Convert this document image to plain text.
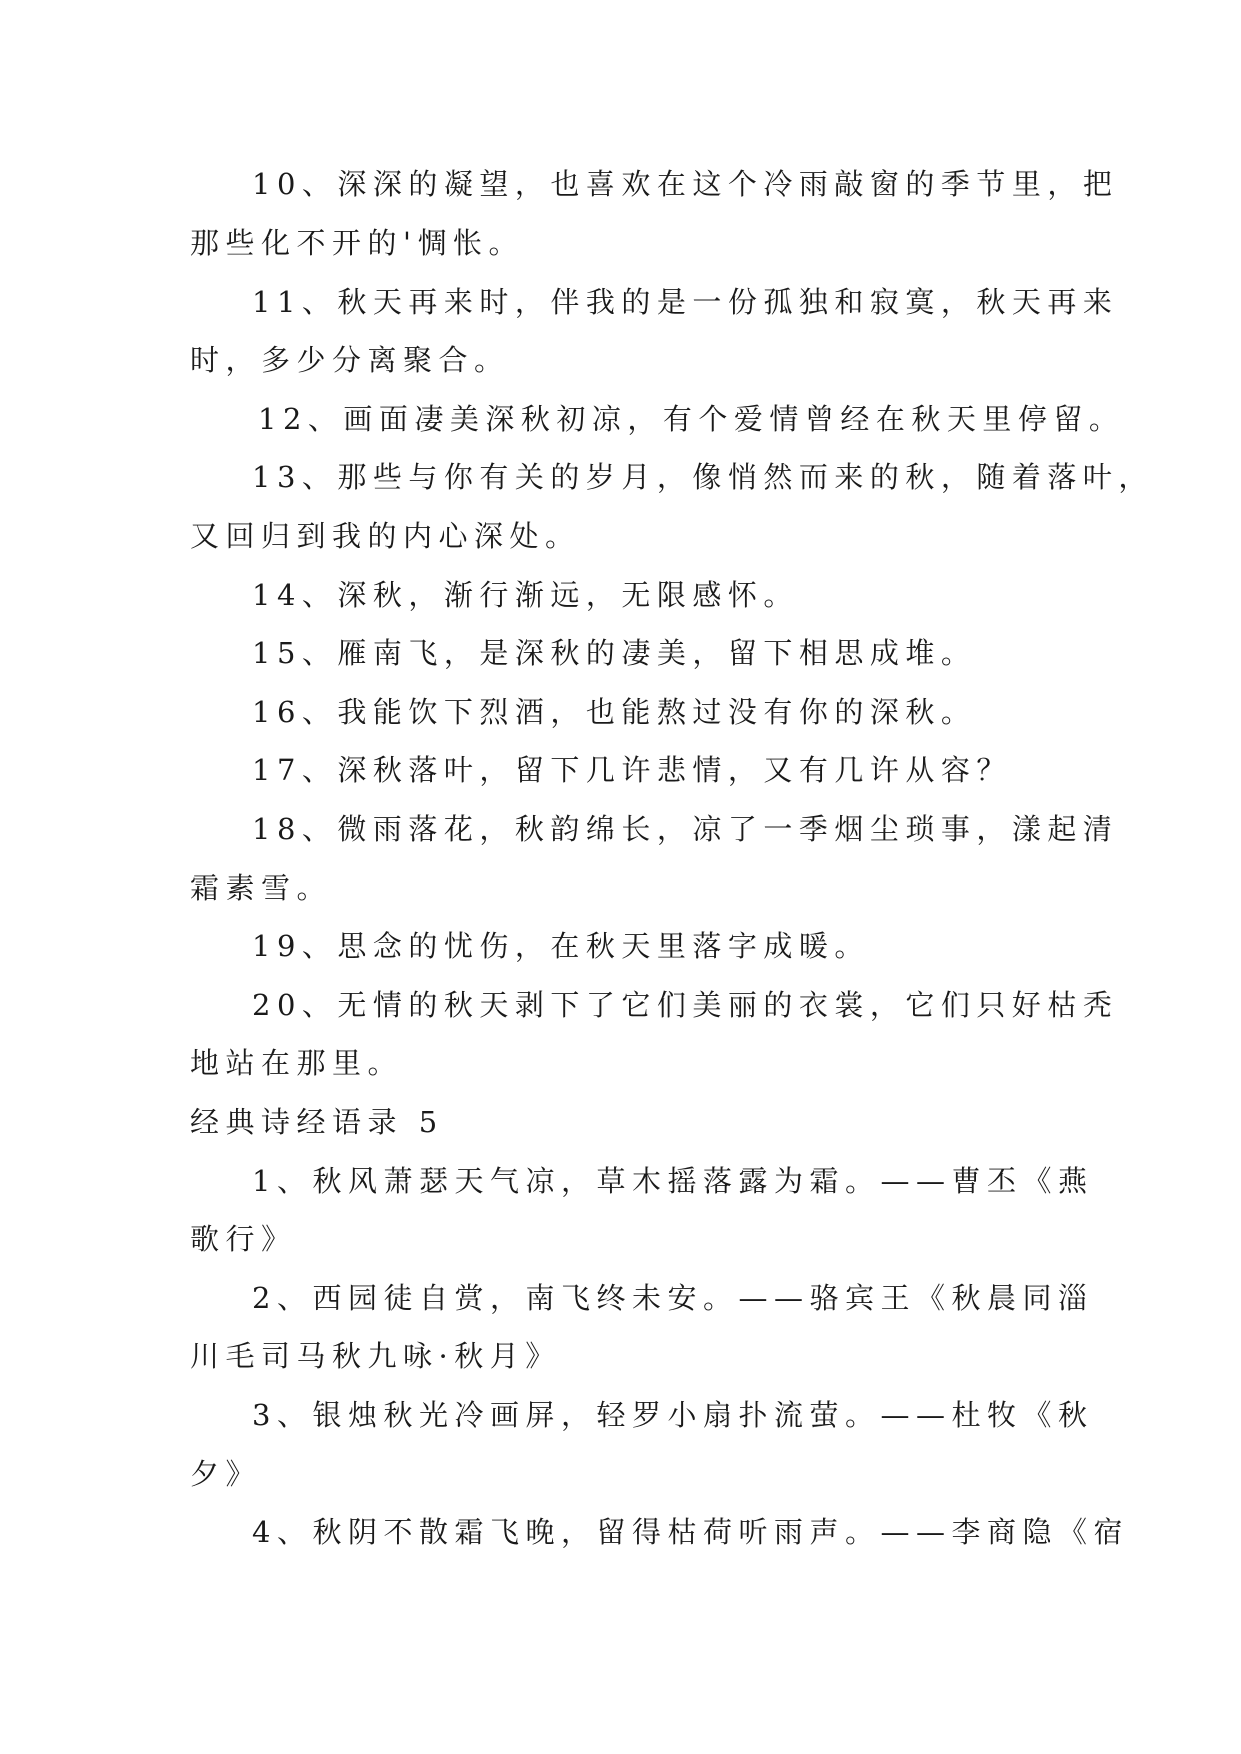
10、深深的凝望，也喜欢在这个冷雨敲窗的季节里，把
那些化不开的'惆怅。
11、秋天再来时，伴我的是一份孤独和寂寞，秋天再来
时，多少分离聚合。
12、画面凄美深秋初凉，有个爱情曾经在秋天里停留。
13、那些与你有关的岁月，像悄然而来的秋，随着落叶，
又回归到我的内心深处。
14、深秋，渐行渐远，无限感怀。
15、雁南飞，是深秋的凄美，留下相思成堆。
16、我能饮下烈酒，也能熬过没有你的深秋。
17、深秋落叶，留下几许悲情，又有几许从容？
18、微雨落花，秋韵绵长，凉了一季烟尘琐事，漾起清
霜素雪。
19、思念的忧伤，在秋天里落字成暖。
20、无情的秋天剥下了它们美丽的衣裳，它们只好枯秃
地站在那里。
经典诗经语录 5
1、秋风萧瑟天气凉，草木摇落露为霜。——曹丕《燕
歌行》
2、西园徒自赏，南飞终未安。——骆宾王《秋晨同淄
川毛司马秋九咏·秋月》
3、银烛秋光冷画屏，轻罗小扇扑流萤。——杜牧《秋
夕》
4、秋阴不散霜飞晚，留得枯荷听雨声。——李商隐《宿
